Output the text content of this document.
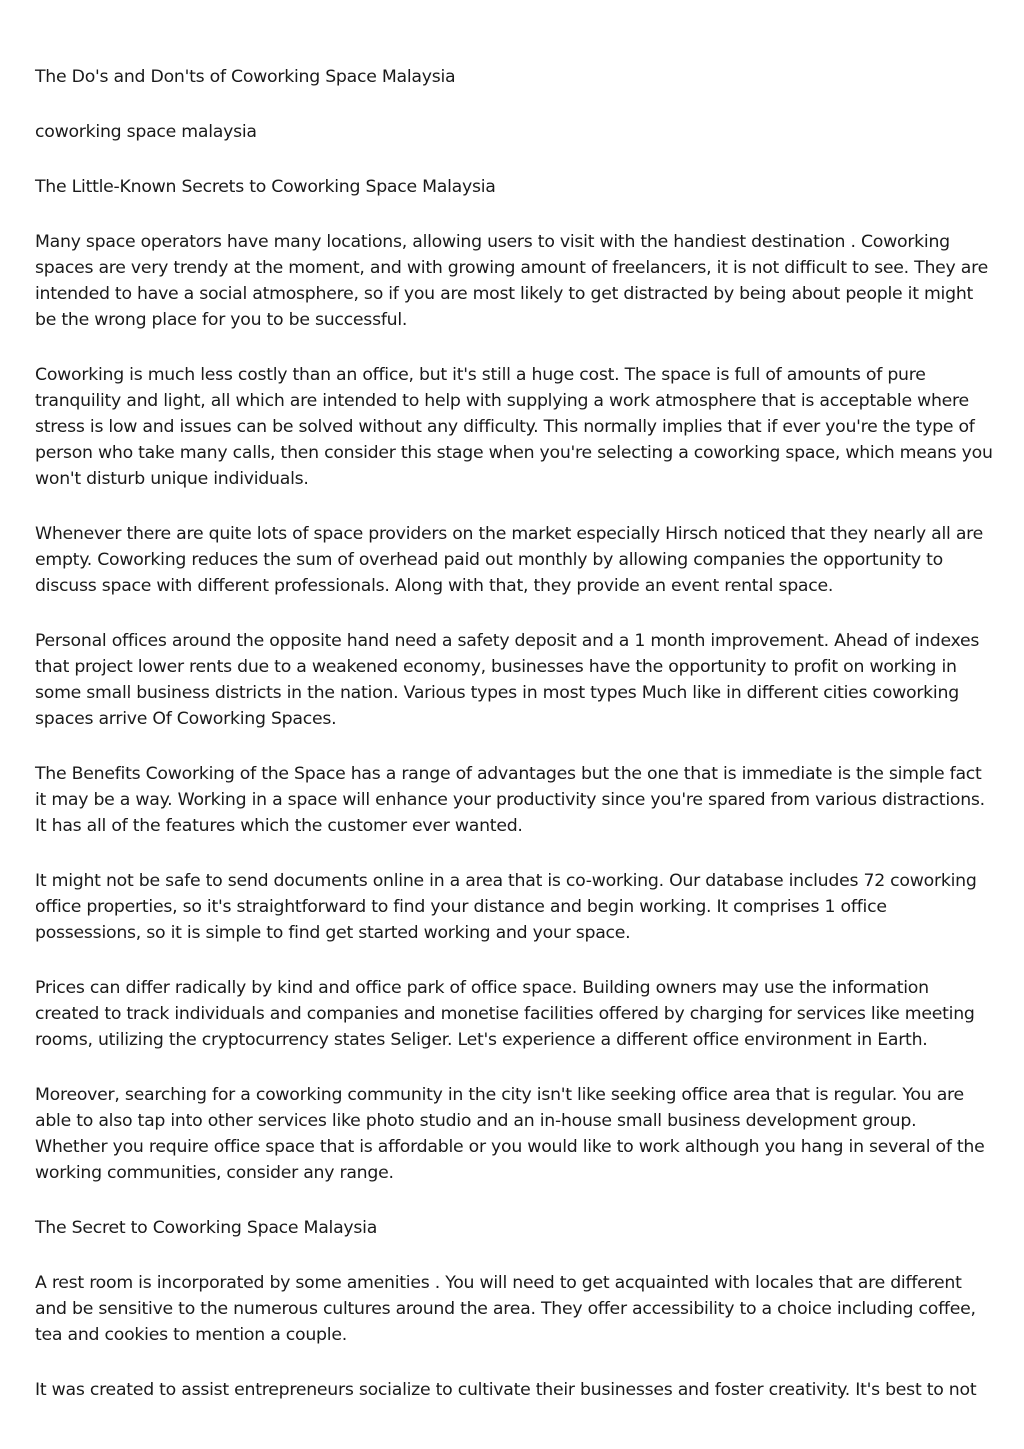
The Do's and Don'ts of Coworking Space Malaysia

coworking space malaysia

The Little-Known Secrets to Coworking Space Malaysia

Many space operators have many locations, allowing users to visit with the handiest destination . Coworking spaces are very trendy at the moment, and with growing amount of freelancers, it is not difficult to see. They are intended to have a social atmosphere, so if you are most likely to get distracted by being about people it might be the wrong place for you to be successful.

Coworking is much less costly than an office, but it's still a huge cost. The space is full of amounts of pure tranquility and light, all which are intended to help with supplying a work atmosphere that is acceptable where stress is low and issues can be solved without any difficulty. This normally implies that if ever you're the type of person who take many calls, then consider this stage when you're selecting a coworking space, which means you won't disturb unique individuals.

Whenever there are quite lots of space providers on the market especially Hirsch noticed that they nearly all are empty. Coworking reduces the sum of overhead paid out monthly by allowing companies the opportunity to discuss space with different professionals. Along with that, they provide an event rental space.

Personal offices around the opposite hand need a safety deposit and a 1 month improvement. Ahead of indexes that project lower rents due to a weakened economy, businesses have the opportunity to profit on working in some small business districts in the nation. Various types in most types Much like in different cities coworking spaces arrive Of Coworking Spaces.

The Benefits Coworking of the Space has a range of advantages but the one that is immediate is the simple fact it may be a way. Working in a space will enhance your productivity since you're spared from various distractions. It has all of the features which the customer ever wanted.

It might not be safe to send documents online in a area that is co-working. Our database includes 72 coworking office properties, so it's straightforward to find your distance and begin working. It comprises 1 office possessions, so it is simple to find get started working and your space.

Prices can differ radically by kind and office park of office space. Building owners may use the information created to track individuals and companies and monetise facilities offered by charging for services like meeting rooms, utilizing the cryptocurrency states Seliger. Let's experience a different office environment in Earth.

Moreover, searching for a coworking community in the city isn't like seeking office area that is regular. You are able to also tap into other services like photo studio and an in-house small business development group. Whether you require office space that is affordable or you would like to work although you hang in several of the working communities, consider any range.

The Secret to Coworking Space Malaysia

A rest room is incorporated by some amenities . You will need to get acquainted with locales that are different and be sensitive to the numerous cultures around the area. They offer accessibility to a choice including coffee, tea and cookies to mention a couple.

It was created to assist entrepreneurs socialize to cultivate their businesses and foster creativity. It's best to not
